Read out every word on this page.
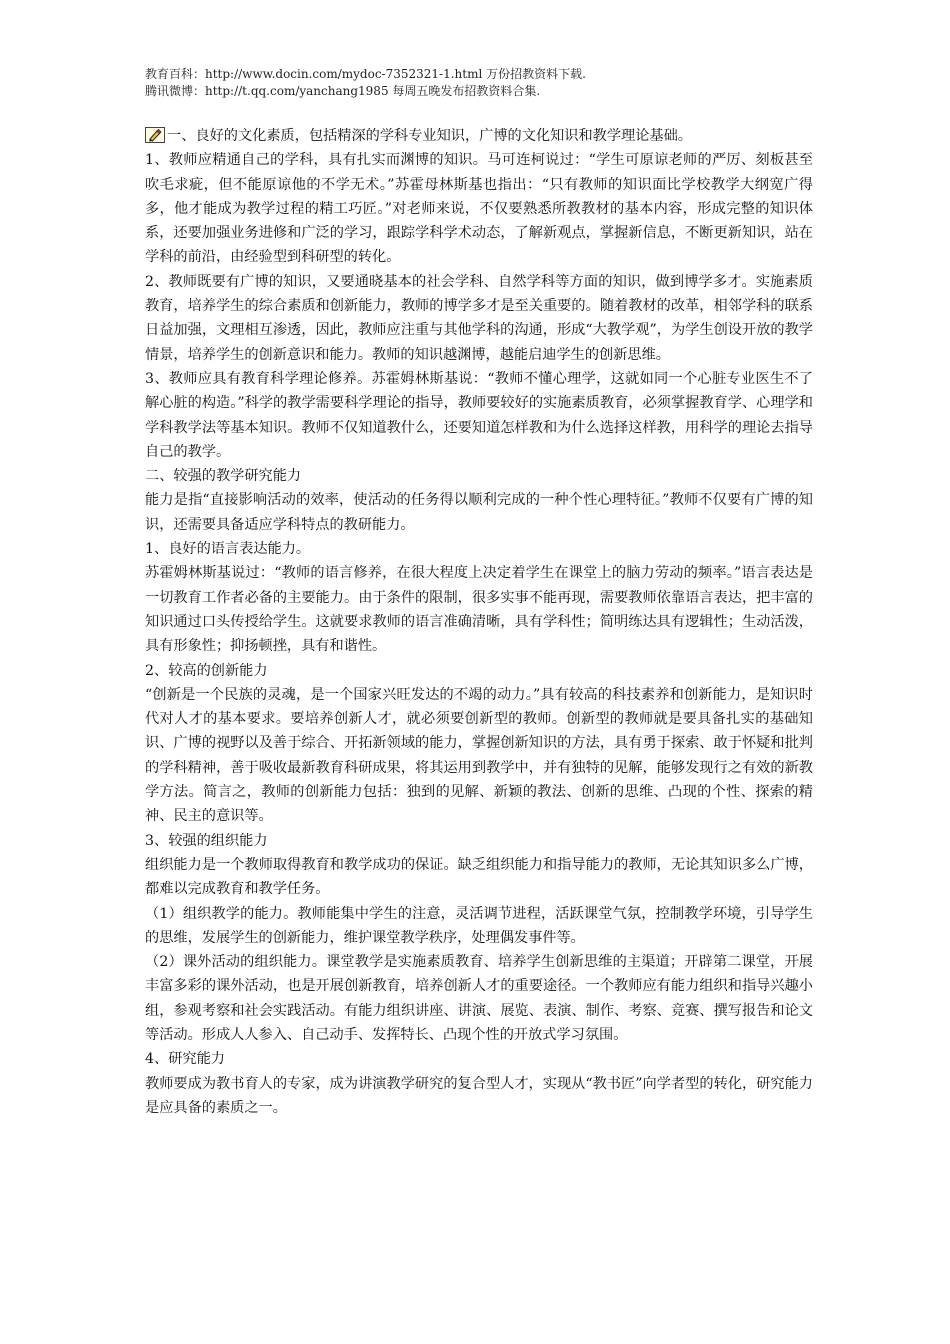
教育百科：http://www.docin.com/mydoc-7352321-1.html 万份招教资料下载.
腾讯微博：http://t.qq.com/yanchang1985 每周五晚发布招教资料合集.

一、良好的文化素质，包括精深的学科专业知识，广博的文化知识和教学理论基础。

1、教师应精通自己的学科，具有扎实而渊博的知识。马可连柯说过：“学生可原谅老师的严厉、刻板甚至吹毛求疵，但不能原谅他的不学无术。”苏霍母林斯基也指出：“只有教师的知识面比学校教学大纲宽广得多，他才能成为教学过程的精工巧匠。”对老师来说，不仅要熟悉所教教材的基本内容，形成完整的知识体系，还要加强业务进修和广泛的学习，跟踪学科学术动态，了解新观点，掌握新信息，不断更新知识，站在学科的前沿，由经验型到科研型的转化。

2、教师既要有广博的知识，又要通晓基本的社会学科、自然学科等方面的知识，做到博学多才。实施素质教育，培养学生的综合素质和创新能力，教师的博学多才是至关重要的。随着教材的改革，相邻学科的联系日益加强，文理相互渗透，因此，教师应注重与其他学科的沟通，形成“大教学观”，为学生创设开放的教学情景，培养学生的创新意识和能力。教师的知识越渊博，越能启迪学生的创新思维。

3、教师应具有教育科学理论修养。苏霍姆林斯基说：“教师不懂心理学，这就如同一个心脏专业医生不了解心脏的构造。”科学的教学需要科学理论的指导，教师要较好的实施素质教育，必须掌握教育学、心理学和学科教学法等基本知识。教师不仅知道教什么，还要知道怎样教和为什么选择这样教，用科学的理论去指导自己的教学。

二、较强的教学研究能力

能力是指“直接影响活动的效率，使活动的任务得以顺利完成的一种个性心理特征。”教师不仅要有广博的知识，还需要具备适应学科特点的教研能力。

1、良好的语言表达能力。

苏霍姆林斯基说过：“教师的语言修养，在很大程度上决定着学生在课堂上的脑力劳动的频率。”语言表达是一切教育工作者必备的主要能力。由于条件的限制，很多实事不能再现，需要教师依靠语言表达，把丰富的知识通过口头传授给学生。这就要求教师的语言准确清晰，具有学科性；简明练达具有逻辑性；生动活泼，具有形象性；抑扬顿挫，具有和谐性。

2、较高的创新能力

“创新是一个民族的灵魂，是一个国家兴旺发达的不竭的动力。”具有较高的科技素养和创新能力，是知识时代对人才的基本要求。要培养创新人才，就必须要创新型的教师。创新型的教师就是要具备扎实的基础知识、广博的视野以及善于综合、开拓新领域的能力，掌握创新知识的方法，具有勇于探索、敢于怀疑和批判的学科精神，善于吸收最新教育科研成果，将其运用到教学中，并有独特的见解，能够发现行之有效的新教学方法。简言之，教师的创新能力包括：独到的见解、新颖的教法、创新的思维、凸现的个性、探索的精神、民主的意识等。

3、较强的组织能力

组织能力是一个教师取得教育和教学成功的保证。缺乏组织能力和指导能力的教师，无论其知识多么广博，都难以完成教育和教学任务。

（1）组织教学的能力。教师能集中学生的注意，灵活调节进程，活跃课堂气氛，控制教学环境，引导学生的思维，发展学生的创新能力，维护课堂教学秩序，处理偶发事件等。

（2）课外活动的组织能力。课堂教学是实施素质教育、培养学生创新思维的主渠道；开辟第二课堂，开展丰富多彩的课外活动，也是开展创新教育，培养创新人才的重要途径。一个教师应有能力组织和指导兴趣小组，参观考察和社会实践活动。有能力组织讲座、讲演、展览、表演、制作、考察、竞赛、撰写报告和论文等活动。形成人人参入、自己动手、发挥特长、凸现个性的开放式学习氛围。

4、研究能力

教师要成为教书育人的专家，成为讲演教学研究的复合型人才，实现从“教书匠”向学者型的转化，研究能力是应具备的素质之一。
